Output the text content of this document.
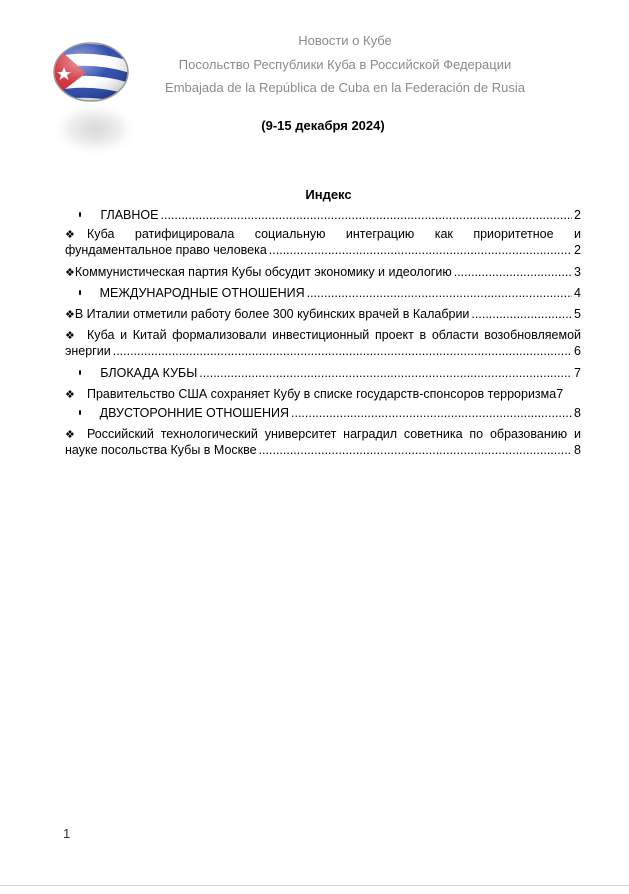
Новости о Кубе
Посольство Республики Куба в Российской Федерации
Embajada de la República de Cuba en la Federación de Rusia
(9-15 декабря 2024)
Индекс
ГЛАВНОЕ .....	2
❖ Куба ратифицировала социальную интеграцию как приоритетное и
фундаментальное право человека .....	2
❖ Коммунистическая партия Кубы обсудит экономику и идеологию .....	3
МЕЖДУНАРОДНЫЕ ОТНОШЕНИЯ .....	4
❖ В Италии отметили работу более 300 кубинских врачей в Калабрии .....	5
❖ Куба и Китай формализовали инвестиционный проект в области возобновляемой
энергии .....	6
БЛОКАДА КУБЫ .....	7
❖ Правительство США сохраняет Кубу в списке государств-спонсоров терроризма 7
ДВУСТОРОННИЕ ОТНОШЕНИЯ .....	8
❖ Российский технологический университет наградил советника по образованию и
науке посольства Кубы в Москве .....	8
1
